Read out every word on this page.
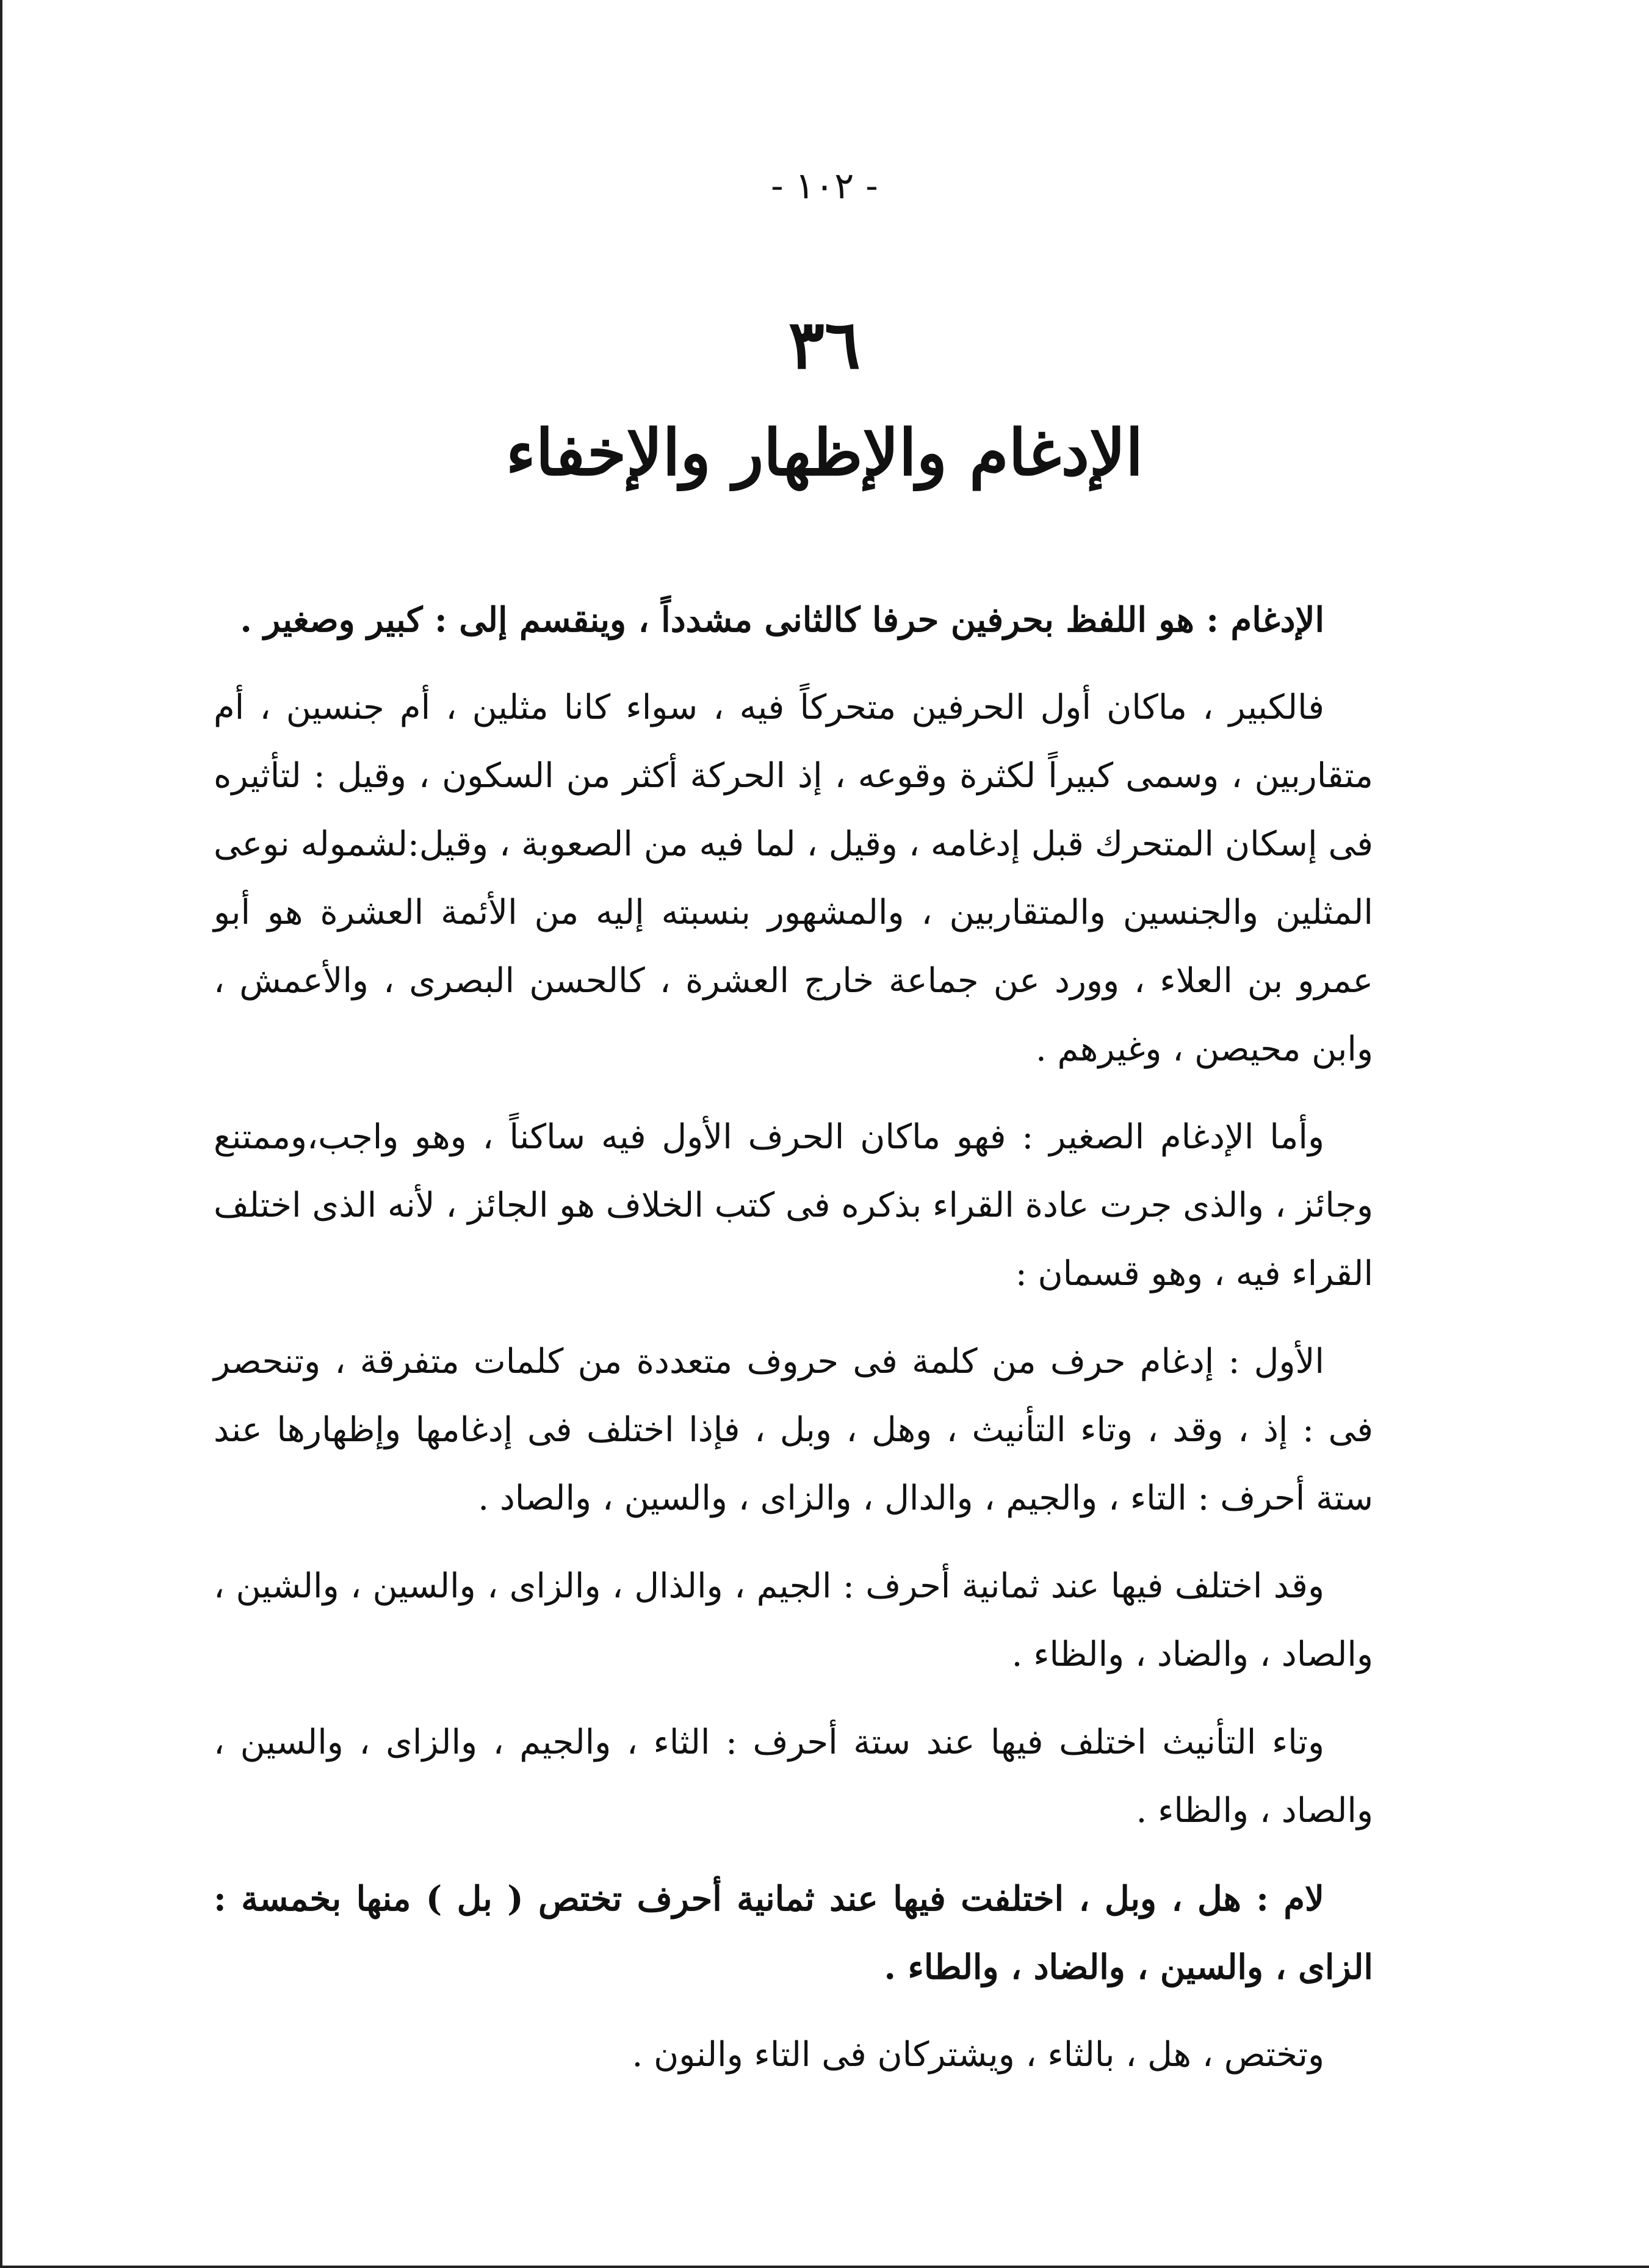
- ١٠٢ -
٣٦
الإدغام والإظهار والإخفاء

الإدغام : هو اللفظ بحرفين حرفا كالثانى مشدداً ، وينقسم إلى : كبير وصغير .

فالكبير ، ماكان أول الحرفين متحركاً فيه ، سواء كانا مثلين ، أم جنسين ، أم متقاربين ، وسمى كبيراً لكثرة وقوعه ، إذ الحركة أكثر من السكون ، وقيل : لتأثيره فى إسكان المتحرك قبل إدغامه ، وقيل ، لما فيه من الصعوبة ، وقيل:لشموله نوعى المثلين والجنسين والمتقاربين ، والمشهور بنسبته إليه من الأئمة العشرة هو أبو عمرو بن العلاء ، وورد عن جماعة خارج العشرة ، كالحسن البصرى ، والأعمش ، وابن محيصن ، وغيرهم .

وأما الإدغام الصغير : فهو ماكان الحرف الأول فيه ساكناً ، وهو واجب،وممتنع وجائز ، والذى جرت عادة القراء بذكره فى كتب الخلاف هو الجائز ، لأنه الذى اختلف القراء فيه ، وهو قسمان :

الأول : إدغام حرف من كلمة فى حروف متعددة من كلمات متفرقة ، وتنحصر فى : إذ ، وقد ، وتاء التأنيث ، وهل ، وبل ، فإذا اختلف فى إدغامها وإظهارها عند ستة أحرف : التاء ، والجيم ، والدال ، والزاى ، والسين ، والصاد .

وقد اختلف فيها عند ثمانية أحرف : الجيم ، والذال ، والزاى ، والسين ، والشين ، والصاد ، والضاد ، والظاء .

وتاء التأنيث اختلف فيها عند ستة أحرف : الثاء ، والجيم ، والزاى ، والسين ، والصاد ، والظاء .

لام : هل ، وبل ، اختلفت فيها عند ثمانية أحرف تختص ( بل ) منها بخمسة : الزاى ، والسين ، والضاد ، والطاء .

وتختص ، هل ، بالثاء ، ويشتركان فى التاء والنون .
